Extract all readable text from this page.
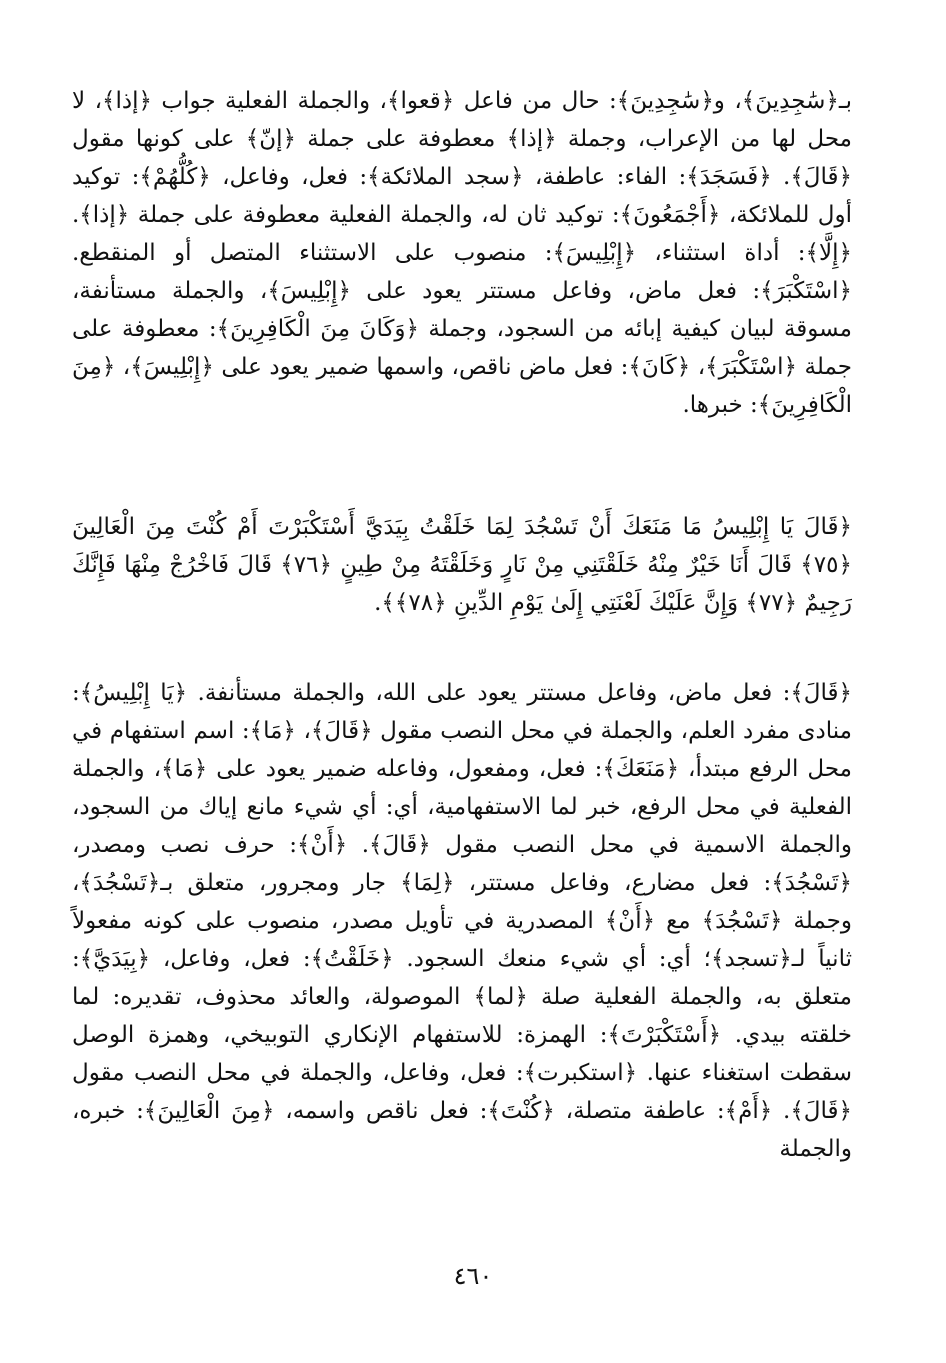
بـ﴿سَٰجِدِينَ﴾، و﴿سَٰجِدِينَ﴾: حال من فاعل ﴿قعوا﴾، والجملة الفعلية جواب ﴿إذا﴾، لا محل لها من الإعراب، وجملة ﴿إذا﴾ معطوفة على جملة ﴿إنّ﴾ على كونها مقول ﴿قَالَ﴾. ﴿فَسَجَدَ﴾: الفاء: عاطفة، ﴿سجد الملائكة﴾: فعل، وفاعل، ﴿كُلُّهُمْ﴾: توكيد أول للملائكة، ﴿أَجْمَعُونَ﴾: توكيد ثان له، والجملة الفعلية معطوفة على جملة ﴿إذا﴾. ﴿إِلَّا﴾: أداة استثناء، ﴿إِبْلِيسَ﴾: منصوب على الاستثناء المتصل أو المنقطع. ﴿اسْتَكْبَرَ﴾: فعل ماض، وفاعل مستتر يعود على ﴿إِبْلِيسَ﴾، والجملة مستأنفة، مسوقة لبيان كيفية إبائه من السجود، وجملة ﴿وَكَانَ مِنَ الْكَافِرِينَ﴾: معطوفة على جملة ﴿اسْتَكْبَرَ﴾، ﴿كَانَ﴾: فعل ماض ناقص، واسمها ضمير يعود على ﴿إِبْلِيسَ﴾، ﴿مِنَ الْكَافِرِينَ﴾: خبرها.

﴿قَالَ يَا إِبْلِيسُ مَا مَنَعَكَ أَنْ تَسْجُدَ لِمَا خَلَقْتُ بِيَدَيَّ أَسْتَكْبَرْتَ أَمْ كُنْتَ مِنَ الْعَالِينَ ﴿٧٥﴾ قَالَ أَنَا خَيْرٌ مِنْهُ خَلَقْتَنِي مِنْ نَارٍ وَخَلَقْتَهُ مِنْ طِينٍ ﴿٧٦﴾ قَالَ فَاخْرُجْ مِنْهَا فَإِنَّكَ رَجِيمٌ ﴿٧٧﴾ وَإِنَّ عَلَيْكَ لَعْنَتِي إِلَىٰ يَوْمِ الدِّينِ ﴿٧٨﴾﴾.

﴿قَالَ﴾: فعل ماض، وفاعل مستتر يعود على الله، والجملة مستأنفة. ﴿يَا إِبْلِيسُ﴾: منادى مفرد العلم، والجملة في محل النصب مقول ﴿قَالَ﴾، ﴿مَا﴾: اسم استفهام في محل الرفع مبتدأ، ﴿مَنَعَكَ﴾: فعل، ومفعول، وفاعله ضمير يعود على ﴿مَا﴾، والجملة الفعلية في محل الرفع، خبر لما الاستفهامية، أي: أي شيء مانع إياك من السجود، والجملة الاسمية في محل النصب مقول ﴿قَالَ﴾. ﴿أَنْ﴾: حرف نصب ومصدر، ﴿تَسْجُدَ﴾: فعل مضارع، وفاعل مستتر، ﴿لِمَا﴾ جار ومجرور، متعلق بـ﴿تَسْجُدَ﴾، وجملة ﴿تَسْجُدَ﴾ مع ﴿أَنْ﴾ المصدرية في تأويل مصدر، منصوب على كونه مفعولاً ثانياً لـ﴿تسجد﴾؛ أي: أي شيء منعك السجود. ﴿خَلَقْتُ﴾: فعل، وفاعل، ﴿بِيَدَيَّ﴾: متعلق به، والجملة الفعلية صلة ﴿لما﴾ الموصولة، والعائد محذوف، تقديره: لما خلقته بيدي. ﴿أَسْتَكْبَرْتَ﴾: الهمزة: للاستفهام الإنكاري التوبيخي، وهمزة الوصل سقطت استغناء عنها. ﴿استكبرت﴾: فعل، وفاعل، والجملة في محل النصب مقول ﴿قَالَ﴾. ﴿أَمْ﴾: عاطفة متصلة، ﴿كُنْتَ﴾: فعل ناقص واسمه، ﴿مِنَ الْعَالِينَ﴾: خبره، والجملة

٤٦٠
